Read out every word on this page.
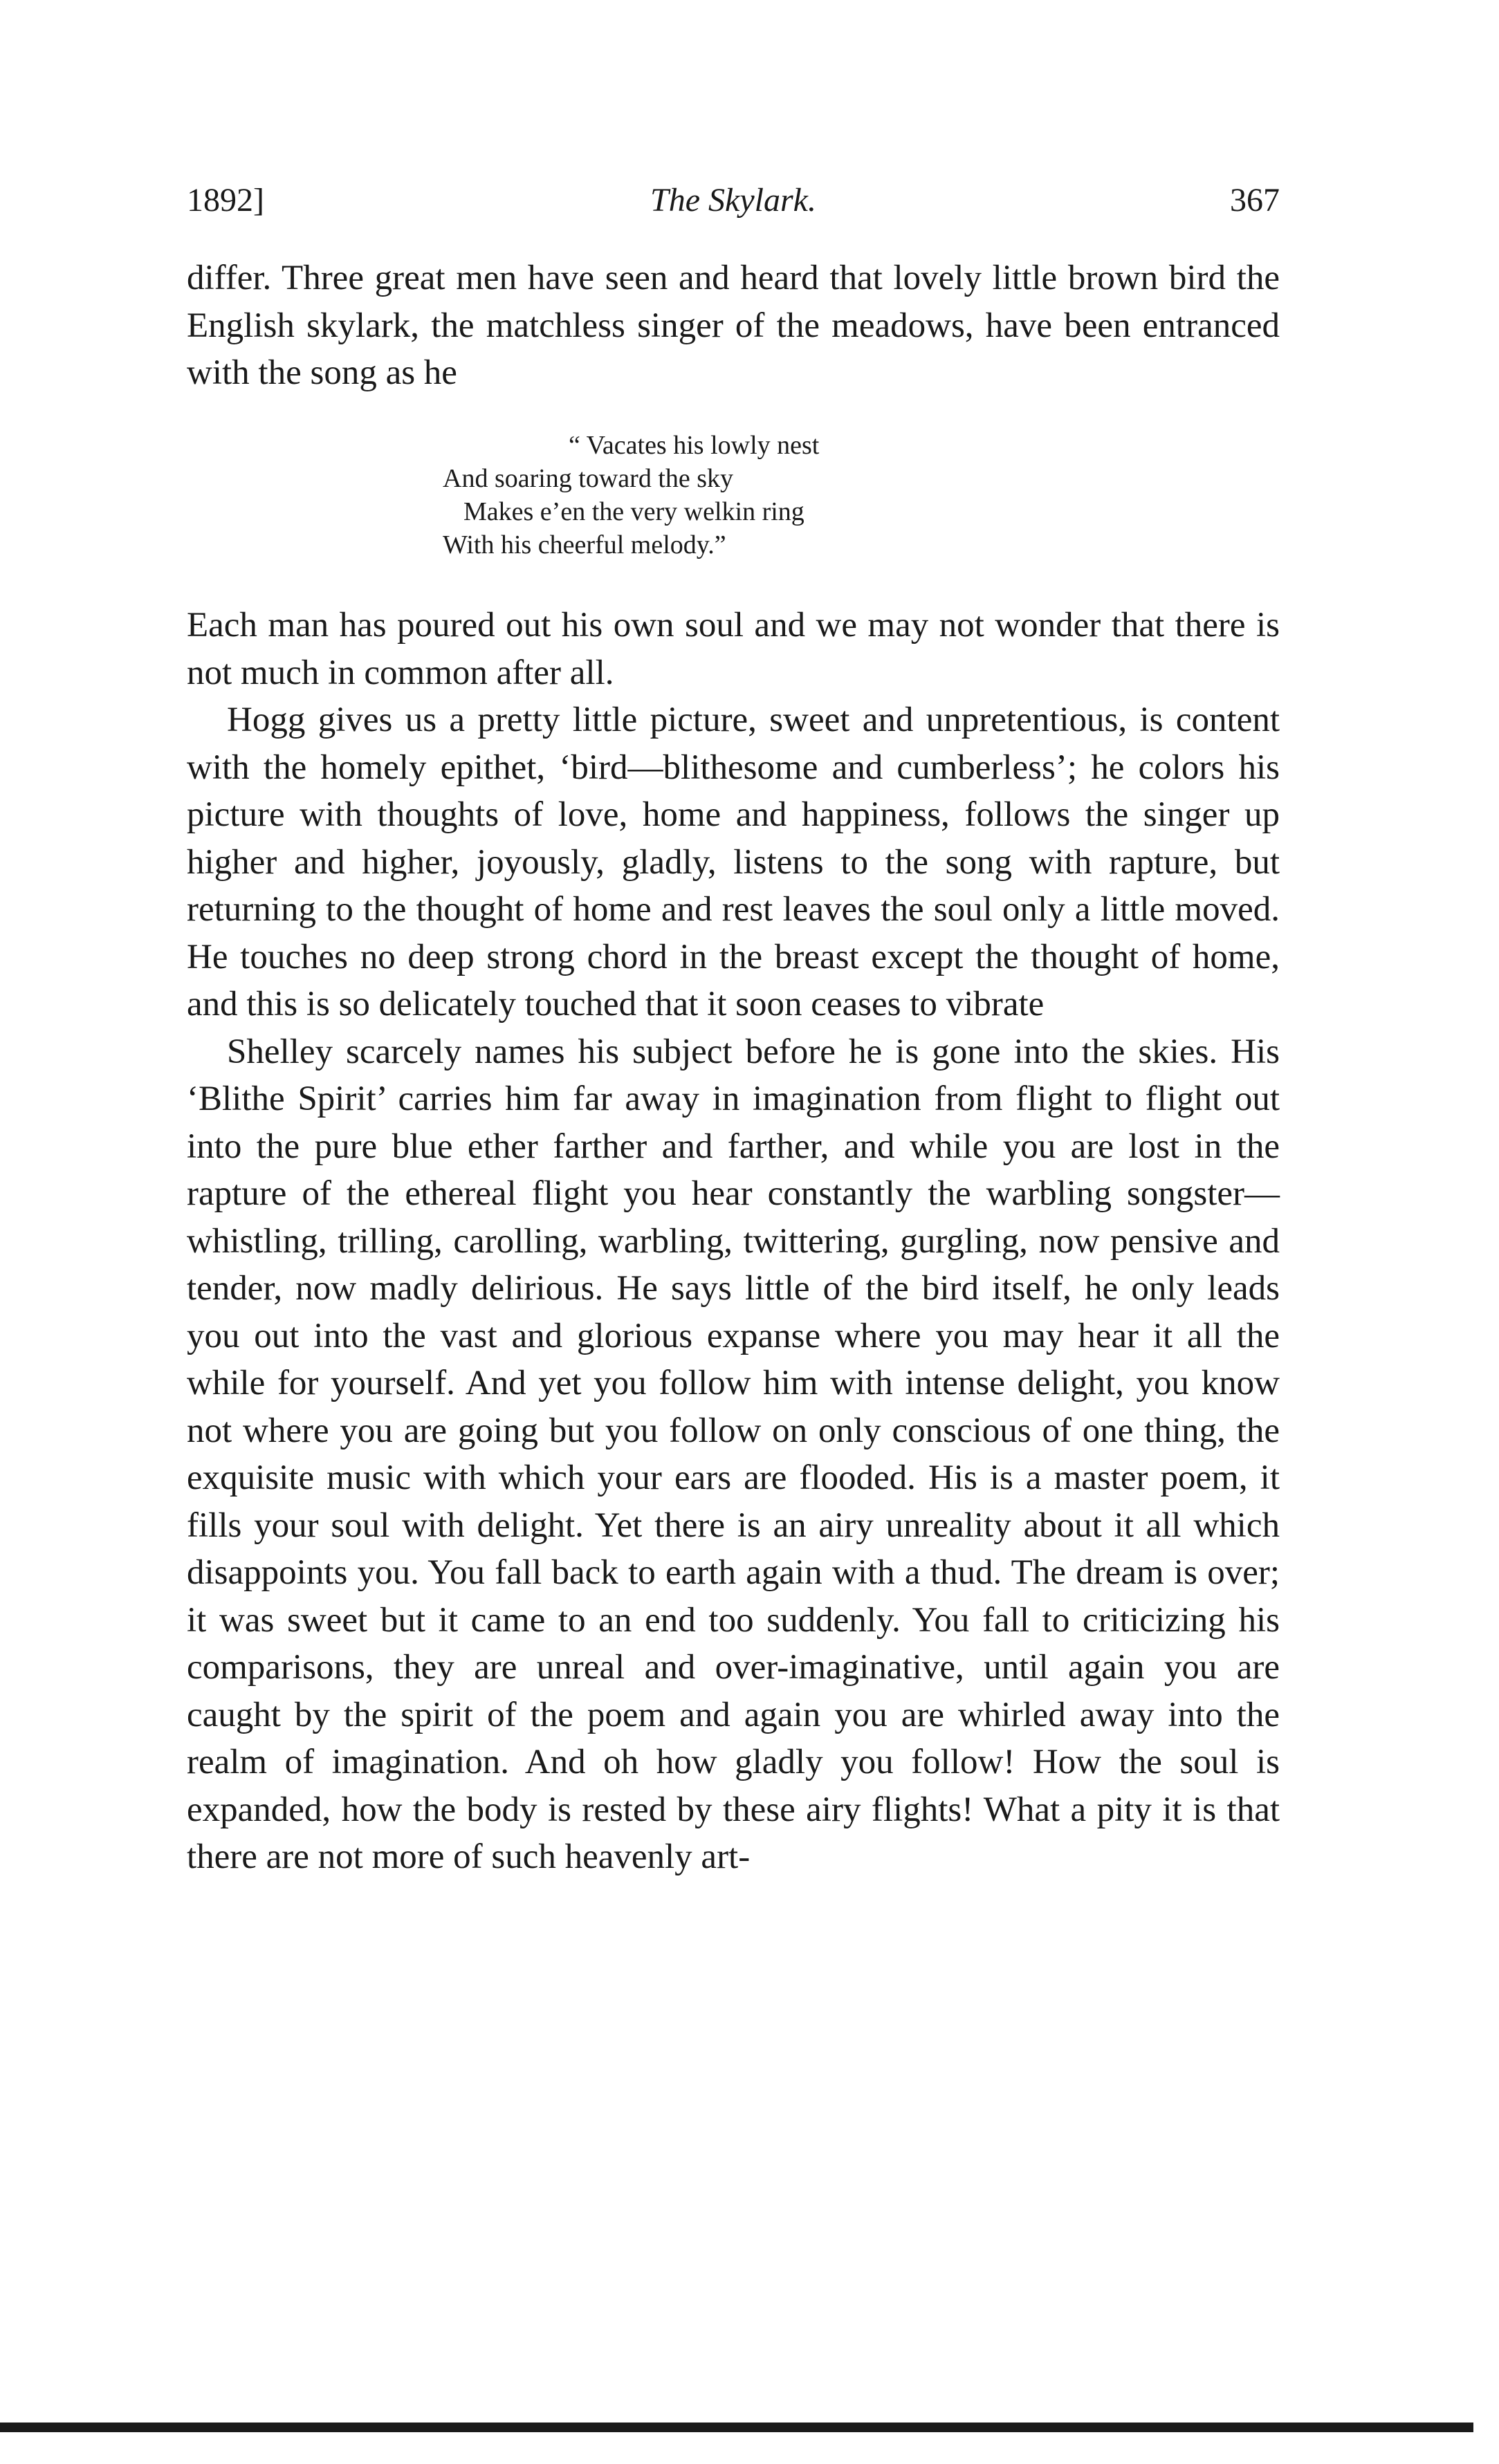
1892]	The Skylark.	367

differ. Three great men have seen and heard that lovely little brown bird the English skylark, the matchless singer of the meadows, have been entranced with the song as he

“ Vacates his lowly nest
And soaring toward the sky
Makes e’en the very welkin ring
With his cheerful melody.”

Each man has poured out his own soul and we may not wonder that there is not much in common after all.

Hogg gives us a pretty little picture, sweet and unpretentious, is content with the homely epithet, ‘bird—blithesome and cumberless’; he colors his picture with thoughts of love, home and happiness, follows the singer up higher and higher, joyously, gladly, listens to the song with rapture, but returning to the thought of home and rest leaves the soul only a little moved. He touches no deep strong chord in the breast except the thought of home, and this is so delicately touched that it soon ceases to vibrate

Shelley scarcely names his subject before he is gone into the skies. His ‘Blithe Spirit’ carries him far away in imagination from flight to flight out into the pure blue ether farther and farther, and while you are lost in the rapture of the ethereal flight you hear constantly the warbling songster—whistling, trilling, carolling, warbling, twittering, gurgling, now pensive and tender, now madly delirious. He says little of the bird itself, he only leads you out into the vast and glorious expanse where you may hear it all the while for yourself. And yet you follow him with intense delight, you know not where you are going but you follow on only conscious of one thing, the exquisite music with which your ears are flooded. His is a master poem, it fills your soul with delight. Yet there is an airy unreality about it all which disappoints you. You fall back to earth again with a thud. The dream is over; it was sweet but it came to an end too suddenly. You fall to criticizing his comparisons, they are unreal and over-imaginative, until again you are caught by the spirit of the poem and again you are whirled away into the realm of imagination. And oh how gladly you follow! How the soul is expanded, how the body is rested by these airy flights! What a pity it is that there are not more of such heavenly art-
